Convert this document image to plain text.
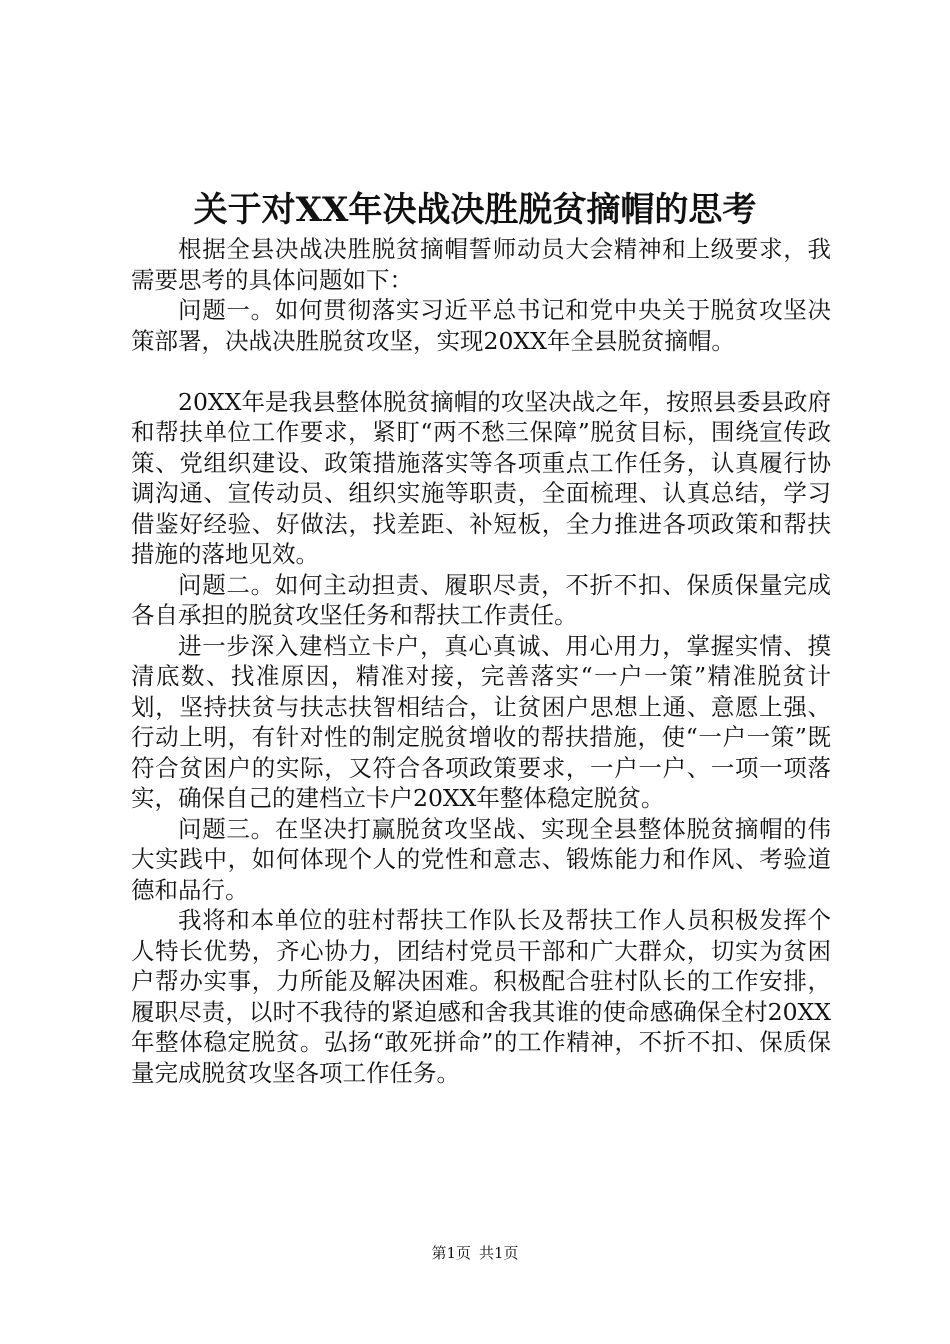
关于对XX年决战决胜脱贫摘帽的思考

根据全县决战决胜脱贫摘帽誓师动员大会精神和上级要求，我需要思考的具体问题如下：

问题一。如何贯彻落实习近平总书记和党中央关于脱贫攻坚决策部署，决战决胜脱贫攻坚，实现20XX年全县脱贫摘帽。

20XX年是我县整体脱贫摘帽的攻坚决战之年，按照县委县政府和帮扶单位工作要求，紧盯“两不愁三保障”脱贫目标，围绕宣传政策、党组织建设、政策措施落实等各项重点工作任务，认真履行协调沟通、宣传动员、组织实施等职责，全面梳理、认真总结，学习借鉴好经验、好做法，找差距、补短板，全力推进各项政策和帮扶措施的落地见效。

问题二。如何主动担责、履职尽责，不折不扣、保质保量完成各自承担的脱贫攻坚任务和帮扶工作责任。

进一步深入建档立卡户，真心真诚、用心用力，掌握实情、摸清底数、找准原因，精准对接，完善落实“一户一策”精准脱贫计划，坚持扶贫与扶志扶智相结合，让贫困户思想上通、意愿上强、行动上明，有针对性的制定脱贫增收的帮扶措施，使“一户一策”既符合贫困户的实际，又符合各项政策要求，一户一户、一项一项落实，确保自己的建档立卡户20XX年整体稳定脱贫。

问题三。在坚决打赢脱贫攻坚战、实现全县整体脱贫摘帽的伟大实践中，如何体现个人的党性和意志、锻炼能力和作风、考验道德和品行。

我将和本单位的驻村帮扶工作队长及帮扶工作人员积极发挥个人特长优势，齐心协力，团结村党员干部和广大群众，切实为贫困户帮办实事，力所能及解决困难。积极配合驻村队长的工作安排，履职尽责，以时不我待的紧迫感和舍我其谁的使命感确保全村20XX年整体稳定脱贫。弘扬“敢死拼命”的工作精神，不折不扣、保质保量完成脱贫攻坚各项工作任务。

第1页 共1页
